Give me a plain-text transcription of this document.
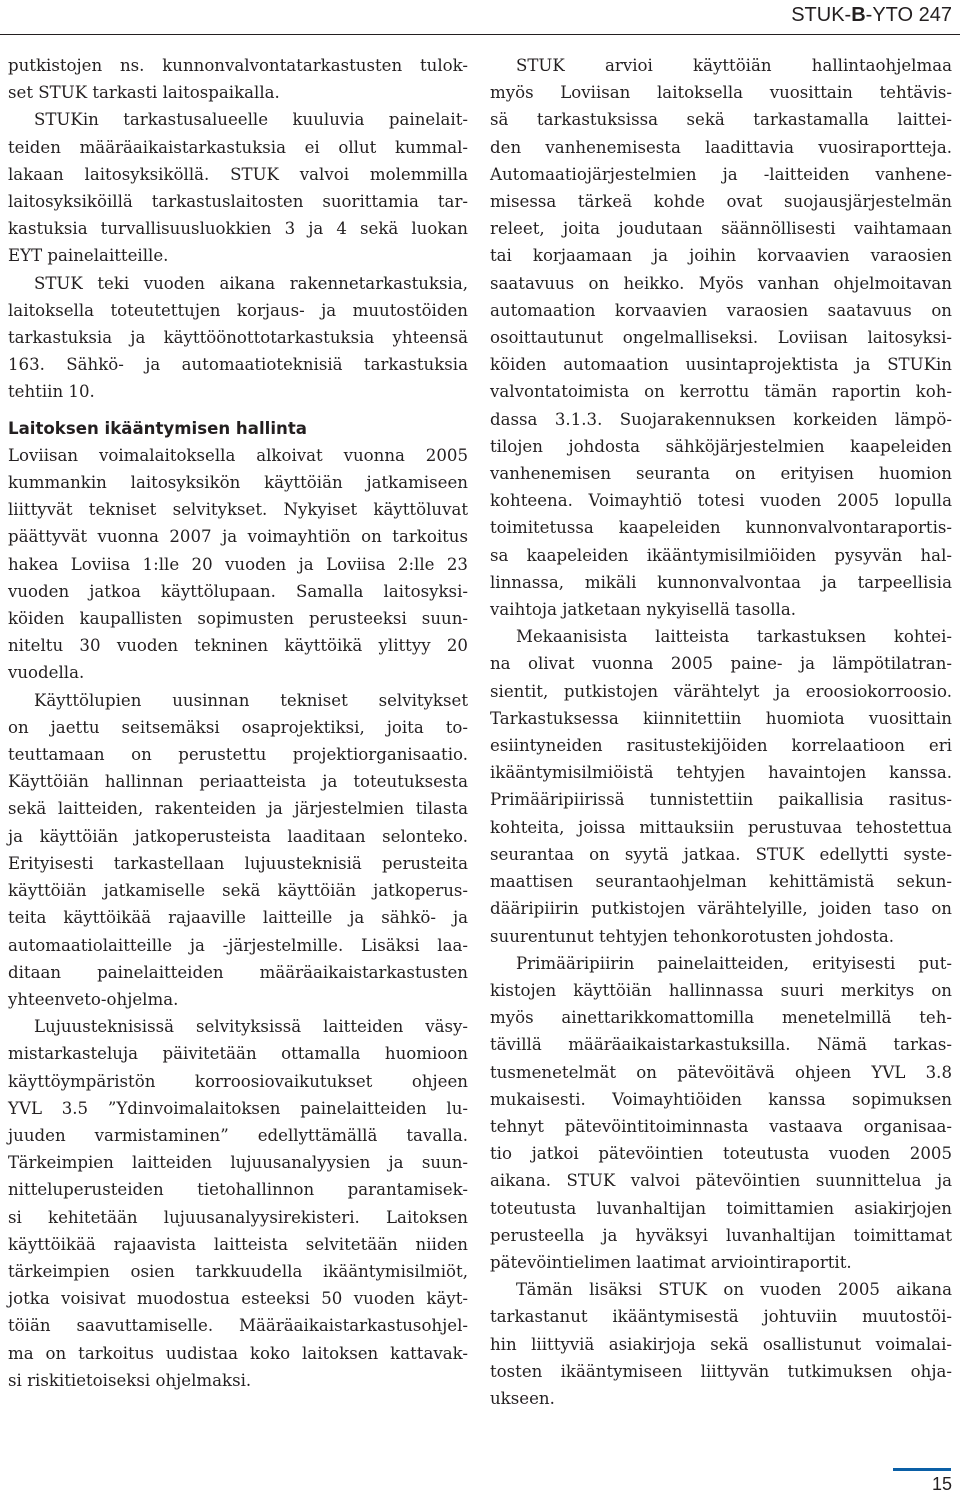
STUK-B-YTO 247
putkistojen ns. kunnonvalvontatarkastusten tulok-
set STUK tarkasti laitospaikalla.
STUKin tarkastusalueelle kuuluvia painelait-
teiden määräaikaistarkastuksia ei ollut kummal-
lakaan laitosyksiköllä. STUK valvoi molemmilla
laitosyksiköillä tarkastuslaitosten suorittamia tar-
kastuksia turvallisuusluokkien 3 ja 4 sekä luokan
EYT painelaitteille.
STUK teki vuoden aikana rakennetarkastuksia,
laitoksella toteutettujen korjaus- ja muutostöiden
tarkastuksia ja käyttöönottotarkastuksia yhteensä
163. Sähkö- ja automaatioteknisiä tarkastuksia
tehtiin 10.
Laitoksen ikääntymisen hallinta
Loviisan voimalaitoksella alkoivat vuonna 2005
kummankin laitosyksikön käyttöiän jatkamiseen
liittyvät tekniset selvitykset. Nykyiset käyttöluvat
päättyvät vuonna 2007 ja voimayhtiön on tarkoitus
hakea Loviisa 1:lle 20 vuoden ja Loviisa 2:lle 23
vuoden jatkoa käyttölupaan. Samalla laitosyksi-
köiden kaupallisten sopimusten perusteeksi suun-
niteltu 30 vuoden tekninen käyttöikä ylittyy 20
vuodella.
Käyttölupien uusinnan tekniset selvitykset
on jaettu seitsemäksi osaprojektiksi, joita to-
teuttamaan on perustettu projektiorganisaatio.
Käyttöiän hallinnan periaatteista ja toteutuksesta
sekä laitteiden, rakenteiden ja järjestelmien tilasta
ja käyttöiän jatkoperusteista laaditaan selonteko.
Erityisesti tarkastellaan lujuusteknisiä perusteita
käyttöiän jatkamiselle sekä käyttöiän jatkoperus-
teita käyttöikää rajaaville laitteille ja sähkö- ja
automaatiolaitteille ja -järjestelmille. Lisäksi laa-
ditaan painelaitteiden määräaikaistarkastusten
yhteenveto-ohjelma.
Lujuusteknisissä selvityksissä laitteiden väsy-
mistarkasteluja päivitetään ottamalla huomioon
käyttöympäristön korroosiovaikutukset ohjeen
YVL 3.5 ”Ydinvoimalaitoksen painelaitteiden lu-
juuden varmistaminen” edellyttämällä tavalla.
Tärkeimpien laitteiden lujuusanalyysien ja suun-
nitteluperusteiden tietohallinnon parantamisek-
si kehitetään lujuusanalyysirekisteri. Laitoksen
käyttöikää rajaavista laitteista selvitetään niiden
tärkeimpien osien tarkkuudella ikääntymisilmiöt,
jotka voisivat muodostua esteeksi 50 vuoden käyt-
töiän saavuttamiselle. Määräaikaistarkastusohjel-
ma on tarkoitus uudistaa koko laitoksen kattavak-
si riskitietoiseksi ohjelmaksi.
STUK arvioi käyttöiän hallintaohjelmaa
myös Loviisan laitoksella vuosittain tehtävis-
sä tarkastuksissa sekä tarkastamalla laittei-
den vanhenemisesta laadittavia vuosiraportteja.
Automaatiojärjestelmien ja -laitteiden vanhene-
misessa tärkeä kohde ovat suojausjärjestelmän
releet, joita joudutaan säännöllisesti vaihtamaan
tai korjaamaan ja joihin korvaavien varaosien
saatavuus on heikko. Myös vanhan ohjelmoitavan
automaation korvaavien varaosien saatavuus on
osoittautunut ongelmalliseksi. Loviisan laitosyksi-
köiden automaation uusintaprojektista ja STUKin
valvontatoimista on kerrottu tämän raportin koh-
dassa 3.1.3. Suojarakennuksen korkeiden lämpö-
tilojen johdosta sähköjärjestelmien kaapeleiden
vanhenemisen seuranta on erityisen huomion
kohteena. Voimayhtiö totesi vuoden 2005 lopulla
toimitetussa kaapeleiden kunnonvalvontaraportis-
sa kaapeleiden ikääntymisilmiöiden pysyvän hal-
linnassa, mikäli kunnonvalvontaa ja tarpeellisia
vaihtoja jatketaan nykyisellä tasolla.
Mekaanisista laitteista tarkastuksen kohtei-
na olivat vuonna 2005 paine- ja lämpötilatran-
sientit, putkistojen värähtelyt ja eroosiokorroosio.
Tarkastuksessa kiinnitettiin huomiota vuosittain
esiintyneiden rasitustekijöiden korrelaatioon eri
ikääntymisilmiöistä tehtyjen havaintojen kanssa.
Primääripiirissä tunnistettiin paikallisia rasitus-
kohteita, joissa mittauksiin perustuvaa tehostettua
seurantaa on syytä jatkaa. STUK edellytti syste-
maattisen seurantaohjelman kehittämistä sekun-
dääripiirin putkistojen värähtelyille, joiden taso on
suurentunut tehtyjen tehonkorotusten johdosta.
Primääripiirin painelaitteiden, erityisesti put-
kistojen käyttöiän hallinnassa suuri merkitys on
myös ainettarikkomattomilla menetelmillä teh-
tävillä määräaikaistarkastuksilla. Nämä tarkas-
tusmenetelmät on pätevöitävä ohjeen YVL 3.8
mukaisesti. Voimayhtiöiden kanssa sopimuksen
tehnyt pätevöintitoiminnasta vastaava organisaa-
tio jatkoi pätevöintien toteutusta vuoden 2005
aikana. STUK valvoi pätevöintien suunnittelua ja
toteutusta luvanhaltijan toimittamien asiakirjojen
perusteella ja hyväksyi luvanhaltijan toimittamat
pätevöintielimen laatimat arviointiraportit.
Tämän lisäksi STUK on vuoden 2005 aikana
tarkastanut ikääntymisestä johtuviin muutostöi-
hin liittyviä asiakirjoja sekä osallistunut voimalai-
tosten ikääntymiseen liittyvän tutkimuksen ohja-
ukseen.
15
